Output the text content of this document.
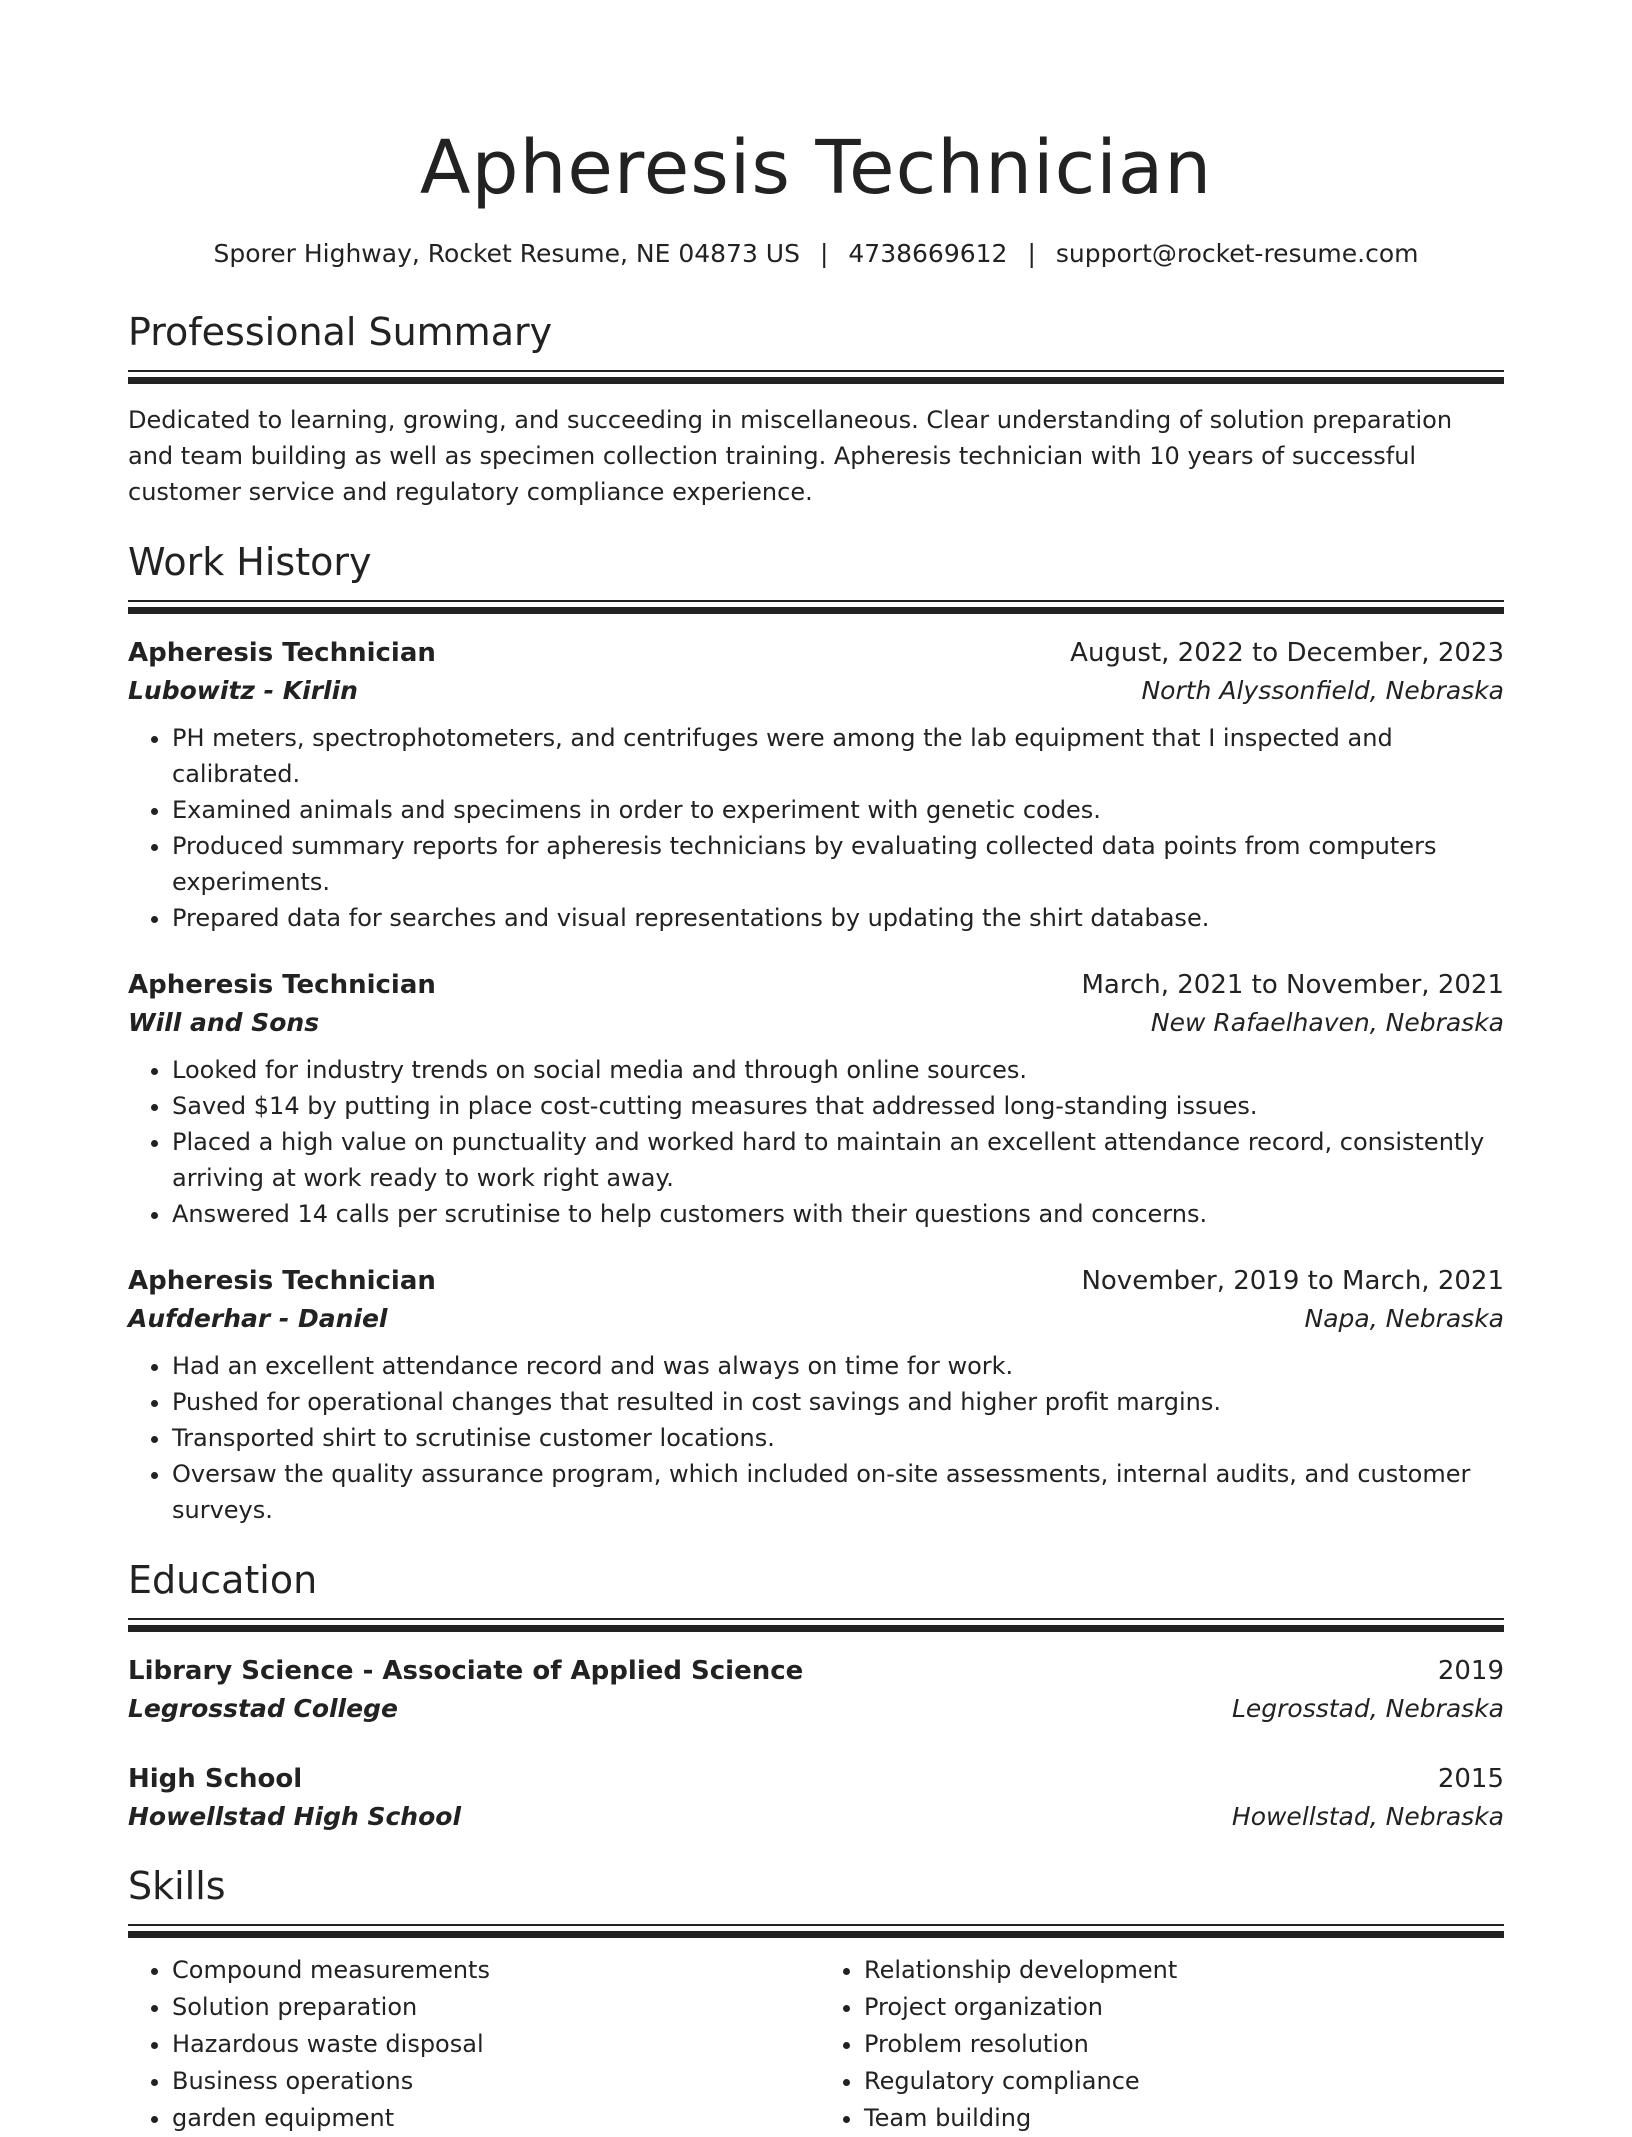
Apheresis Technician
Sporer Highway, Rocket Resume, NE 04873 US | 4738669612 | support@rocket-resume.com
Professional Summary
Dedicated to learning, growing, and succeeding in miscellaneous. Clear understanding of solution preparation and team building as well as specimen collection training. Apheresis technician with 10 years of successful customer service and regulatory compliance experience.
Work History
Apheresis Technician	August, 2022 to December, 2023
Lubowitz - Kirlin	North Alyssonfield, Nebraska
• PH meters, spectrophotometers, and centrifuges were among the lab equipment that I inspected and calibrated.
• Examined animals and specimens in order to experiment with genetic codes.
• Produced summary reports for apheresis technicians by evaluating collected data points from computers experiments.
• Prepared data for searches and visual representations by updating the shirt database.
Apheresis Technician	March, 2021 to November, 2021
Will and Sons	New Rafaelhaven, Nebraska
• Looked for industry trends on social media and through online sources.
• Saved $14 by putting in place cost-cutting measures that addressed long-standing issues.
• Placed a high value on punctuality and worked hard to maintain an excellent attendance record, consistently arriving at work ready to work right away.
• Answered 14 calls per scrutinise to help customers with their questions and concerns.
Apheresis Technician	November, 2019 to March, 2021
Aufderhar - Daniel	Napa, Nebraska
• Had an excellent attendance record and was always on time for work.
• Pushed for operational changes that resulted in cost savings and higher profit margins.
• Transported shirt to scrutinise customer locations.
• Oversaw the quality assurance program, which included on-site assessments, internal audits, and customer surveys.
Education
Library Science - Associate of Applied Science	2019
Legrosstad College	Legrosstad, Nebraska
High School	2015
Howellstad High School	Howellstad, Nebraska
Skills
• Compound measurements
• Solution preparation
• Hazardous waste disposal
• Business operations
• garden equipment
• Relationship development
• Project organization
• Problem resolution
• Regulatory compliance
• Team building
